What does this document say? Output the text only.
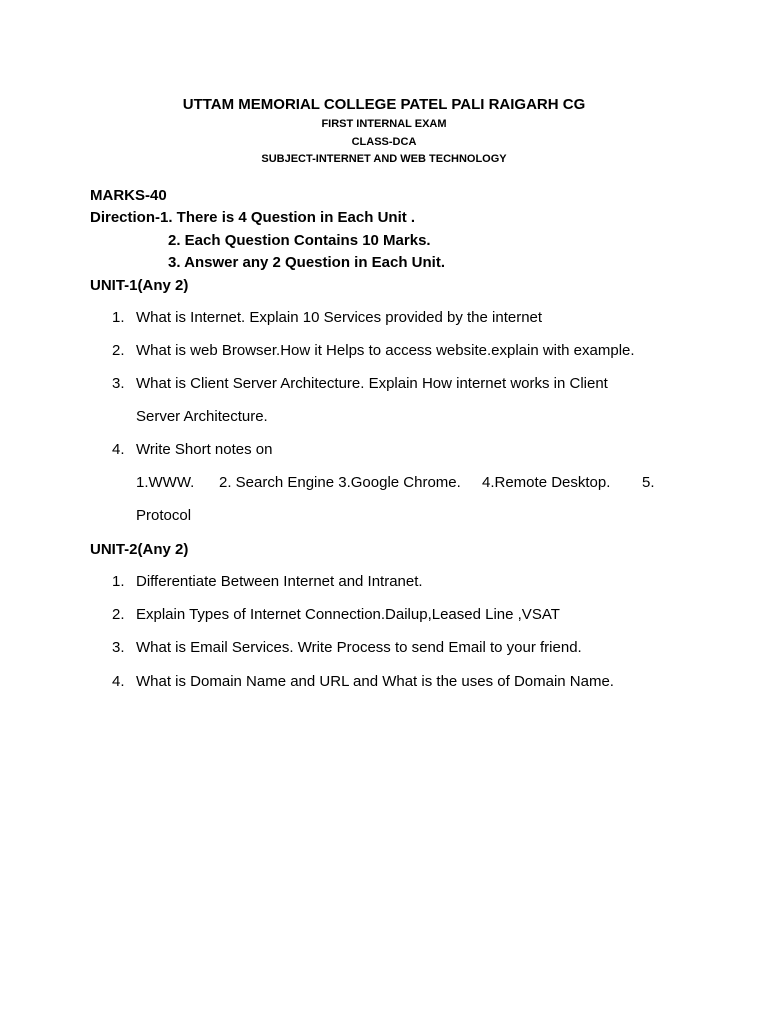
UTTAM MEMORIAL COLLEGE PATEL PALI RAIGARH CG
FIRST INTERNAL EXAM
CLASS-DCA
SUBJECT-INTERNET AND WEB TECHNOLOGY
MARKS-40
Direction-1. There is 4 Question in Each Unit .
2. Each Question Contains 10 Marks.
3. Answer any 2 Question in Each Unit.
UNIT-1(Any 2)
1. What is Internet. Explain 10 Services provided by the internet
2. What is web Browser.How it Helps to access website.explain with example.
3. What is Client Server Architecture. Explain How internet works in Client
Server Architecture.
4. Write Short notes on
1.WWW. 2. Search Engine 3.Google Chrome. 4.Remote Desktop. 5.
Protocol
UNIT-2(Any 2)
1. Differentiate Between Internet and Intranet.
2. Explain Types of Internet Connection.Dailup,Leased Line ,VSAT
3. What is Email Services. Write Process to send Email to your friend.
4. What is Domain Name and URL and What is the uses of Domain Name.
